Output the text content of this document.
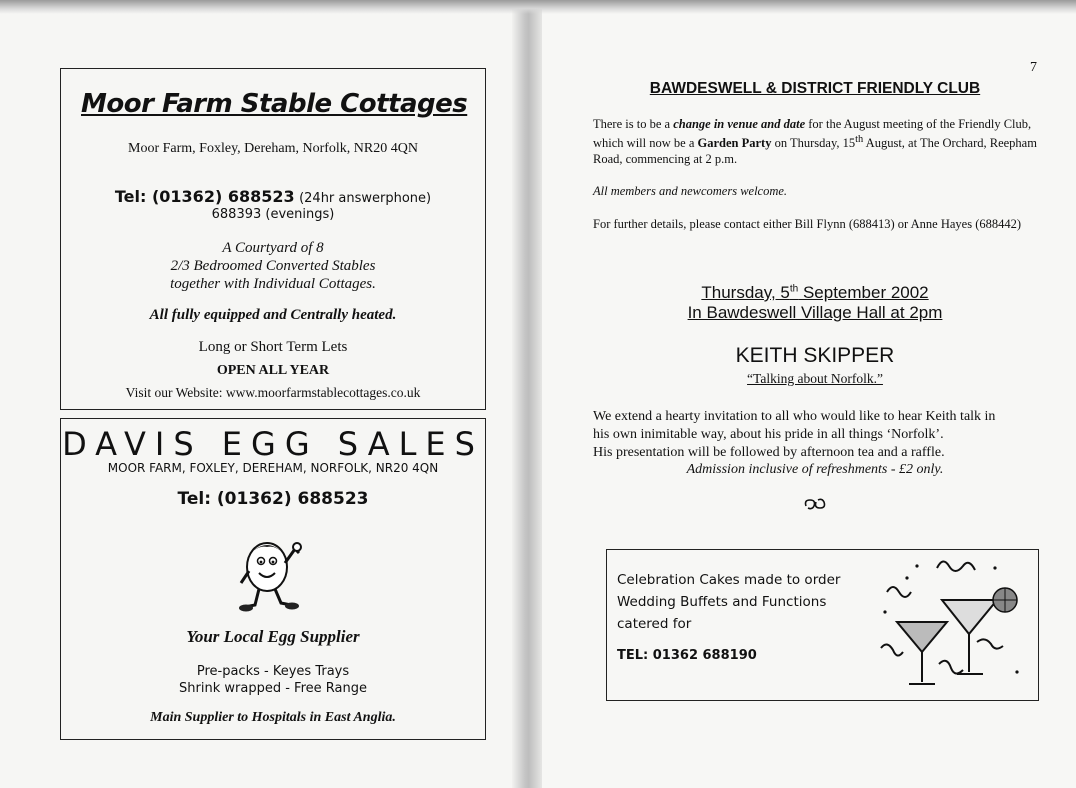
Moor Farm Stable Cottages
Moor Farm, Foxley, Dereham, Norfolk, NR20 4QN
Tel: (01362) 688523 (24hr answerphone)
688393 (evenings)
A Courtyard of 8
2/3 Bedroomed Converted Stables
together with Individual Cottages.
All fully equipped and Centrally heated.
Long or Short Term Lets
OPEN ALL YEAR
Visit our Website: www.moorfarmstablecottages.co.uk
DAVIS EGG SALES
MOOR FARM, FOXLEY, DEREHAM, NORFOLK, NR20 4QN
Tel: (01362) 688523
Your Local Egg Supplier
Pre-packs - Keyes Trays
Shrink wrapped - Free Range
Main Supplier to Hospitals in East Anglia.
7
BAWDESWELL & DISTRICT FRIENDLY CLUB
There is to be a change in venue and date for the August meeting of the Friendly Club, which will now be a Garden Party on Thursday, 15th August, at The Orchard, Reepham Road, commencing at 2 p.m.
All members and newcomers welcome.
For further details, please contact either Bill Flynn (688413) or Anne Hayes (688442)
Thursday, 5th September 2002
In Bawdeswell Village Hall at 2pm
KEITH SKIPPER
“Talking about Norfolk.”
We extend a hearty invitation to all who would like to hear Keith talk in
his own inimitable way, about his pride in all things ‘Norfolk’.
His presentation will be followed by afternoon tea and a raffle.
Admission inclusive of refreshments - £2 only.
Celebration Cakes made to order
Wedding Buffets and Functions
catered for
TEL: 01362 688190
